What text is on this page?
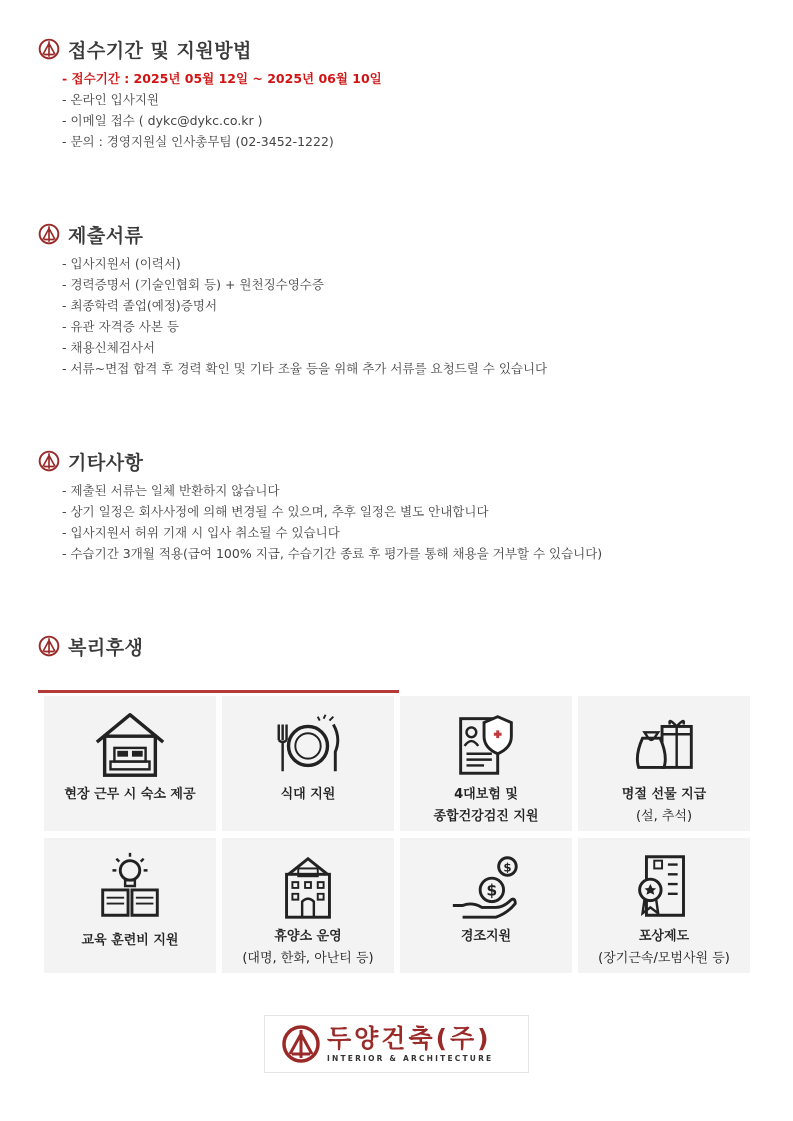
접수기간 및 지원방법
- 접수기간 : 2025년 05월 12일 ~ 2025년 06월 10일
- 온라인 입사지원
- 이메일 접수 ( dykc@dykc.co.kr )
- 문의 : 경영지원실 인사총무팀 (02-3452-1222)
제출서류
- 입사지원서 (이력서)
- 경력증명서 (기술인협회 등) + 원천징수영수증
- 최종학력 졸업(예정)증명서
- 유관 자격증 사본 등
- 채용신체검사서
- 서류~면접 합격 후 경력 확인 및 기타 조율 등을 위해 추가 서류를 요청드릴 수 있습니다
기타사항
- 제출된 서류는 일체 반환하지 않습니다
- 상기 일정은 회사사정에 의해 변경될 수 있으며, 추후 일정은 별도 안내합니다
- 입사지원서 허위 기재 시 입사 취소될 수 있습니다
- 수습기간 3개월 적용(급여 100% 지급, 수습기간 종료 후 평가를 통해 채용을 거부할 수 있습니다)
복리후생
현장 근무 시 숙소 제공	식대 지원	4대보험 및
종합건강검진 지원
명절 선물 지급
(설, 추석)
교육 훈련비 지원	휴양소 운영
(대명, 한화, 아난티 등)
$
$
경조지원	포상제도
(장기근속/모범사원 등)
두양건축(주)
INTERIOR & ARCHITECTURE
